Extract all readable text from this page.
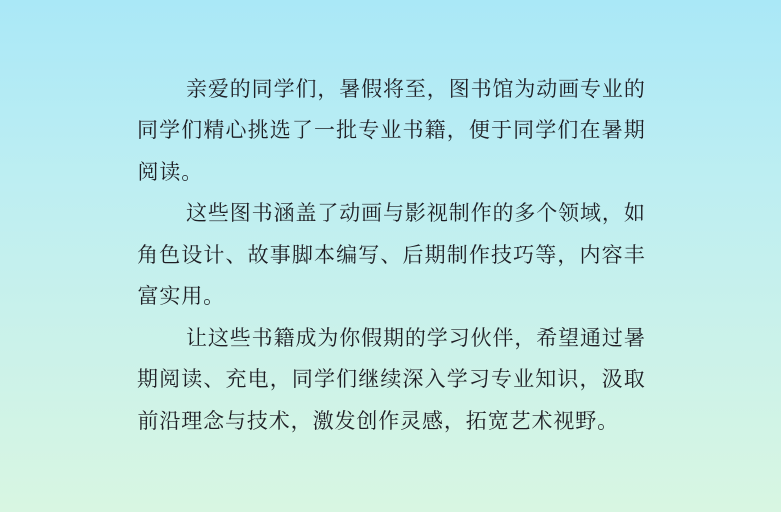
亲 爱 的 同 学 们 ， 暑 假 将 至 ， 图 书 馆 为 动 画 专 业 的
同 学 们 精 心 挑 选 了 一 批 专 业 书 籍 ， 便 于 同 学 们 在 暑 期
阅 读 。
这 些 图 书 涵 盖 了 动 画 与 影 视 制 作 的 多 个 领 域 ， 如
角 色 设 计 、 故 事 脚 本 编 写 、 后 期 制 作 技 巧 等 ， 内 容 丰
富 实 用 。
让 这 些 书 籍 成 为 你 假 期 的 学 习 伙 伴 ， 希 望 通 过 暑
期 阅 读 、 充 电 ， 同 学 们 继 续 深 入 学 习 专 业 知 识 ， 汲 取
前 沿 理 念 与 技 术 ， 激 发 创 作 灵 感 ， 拓 宽 艺 术 视 野 。
